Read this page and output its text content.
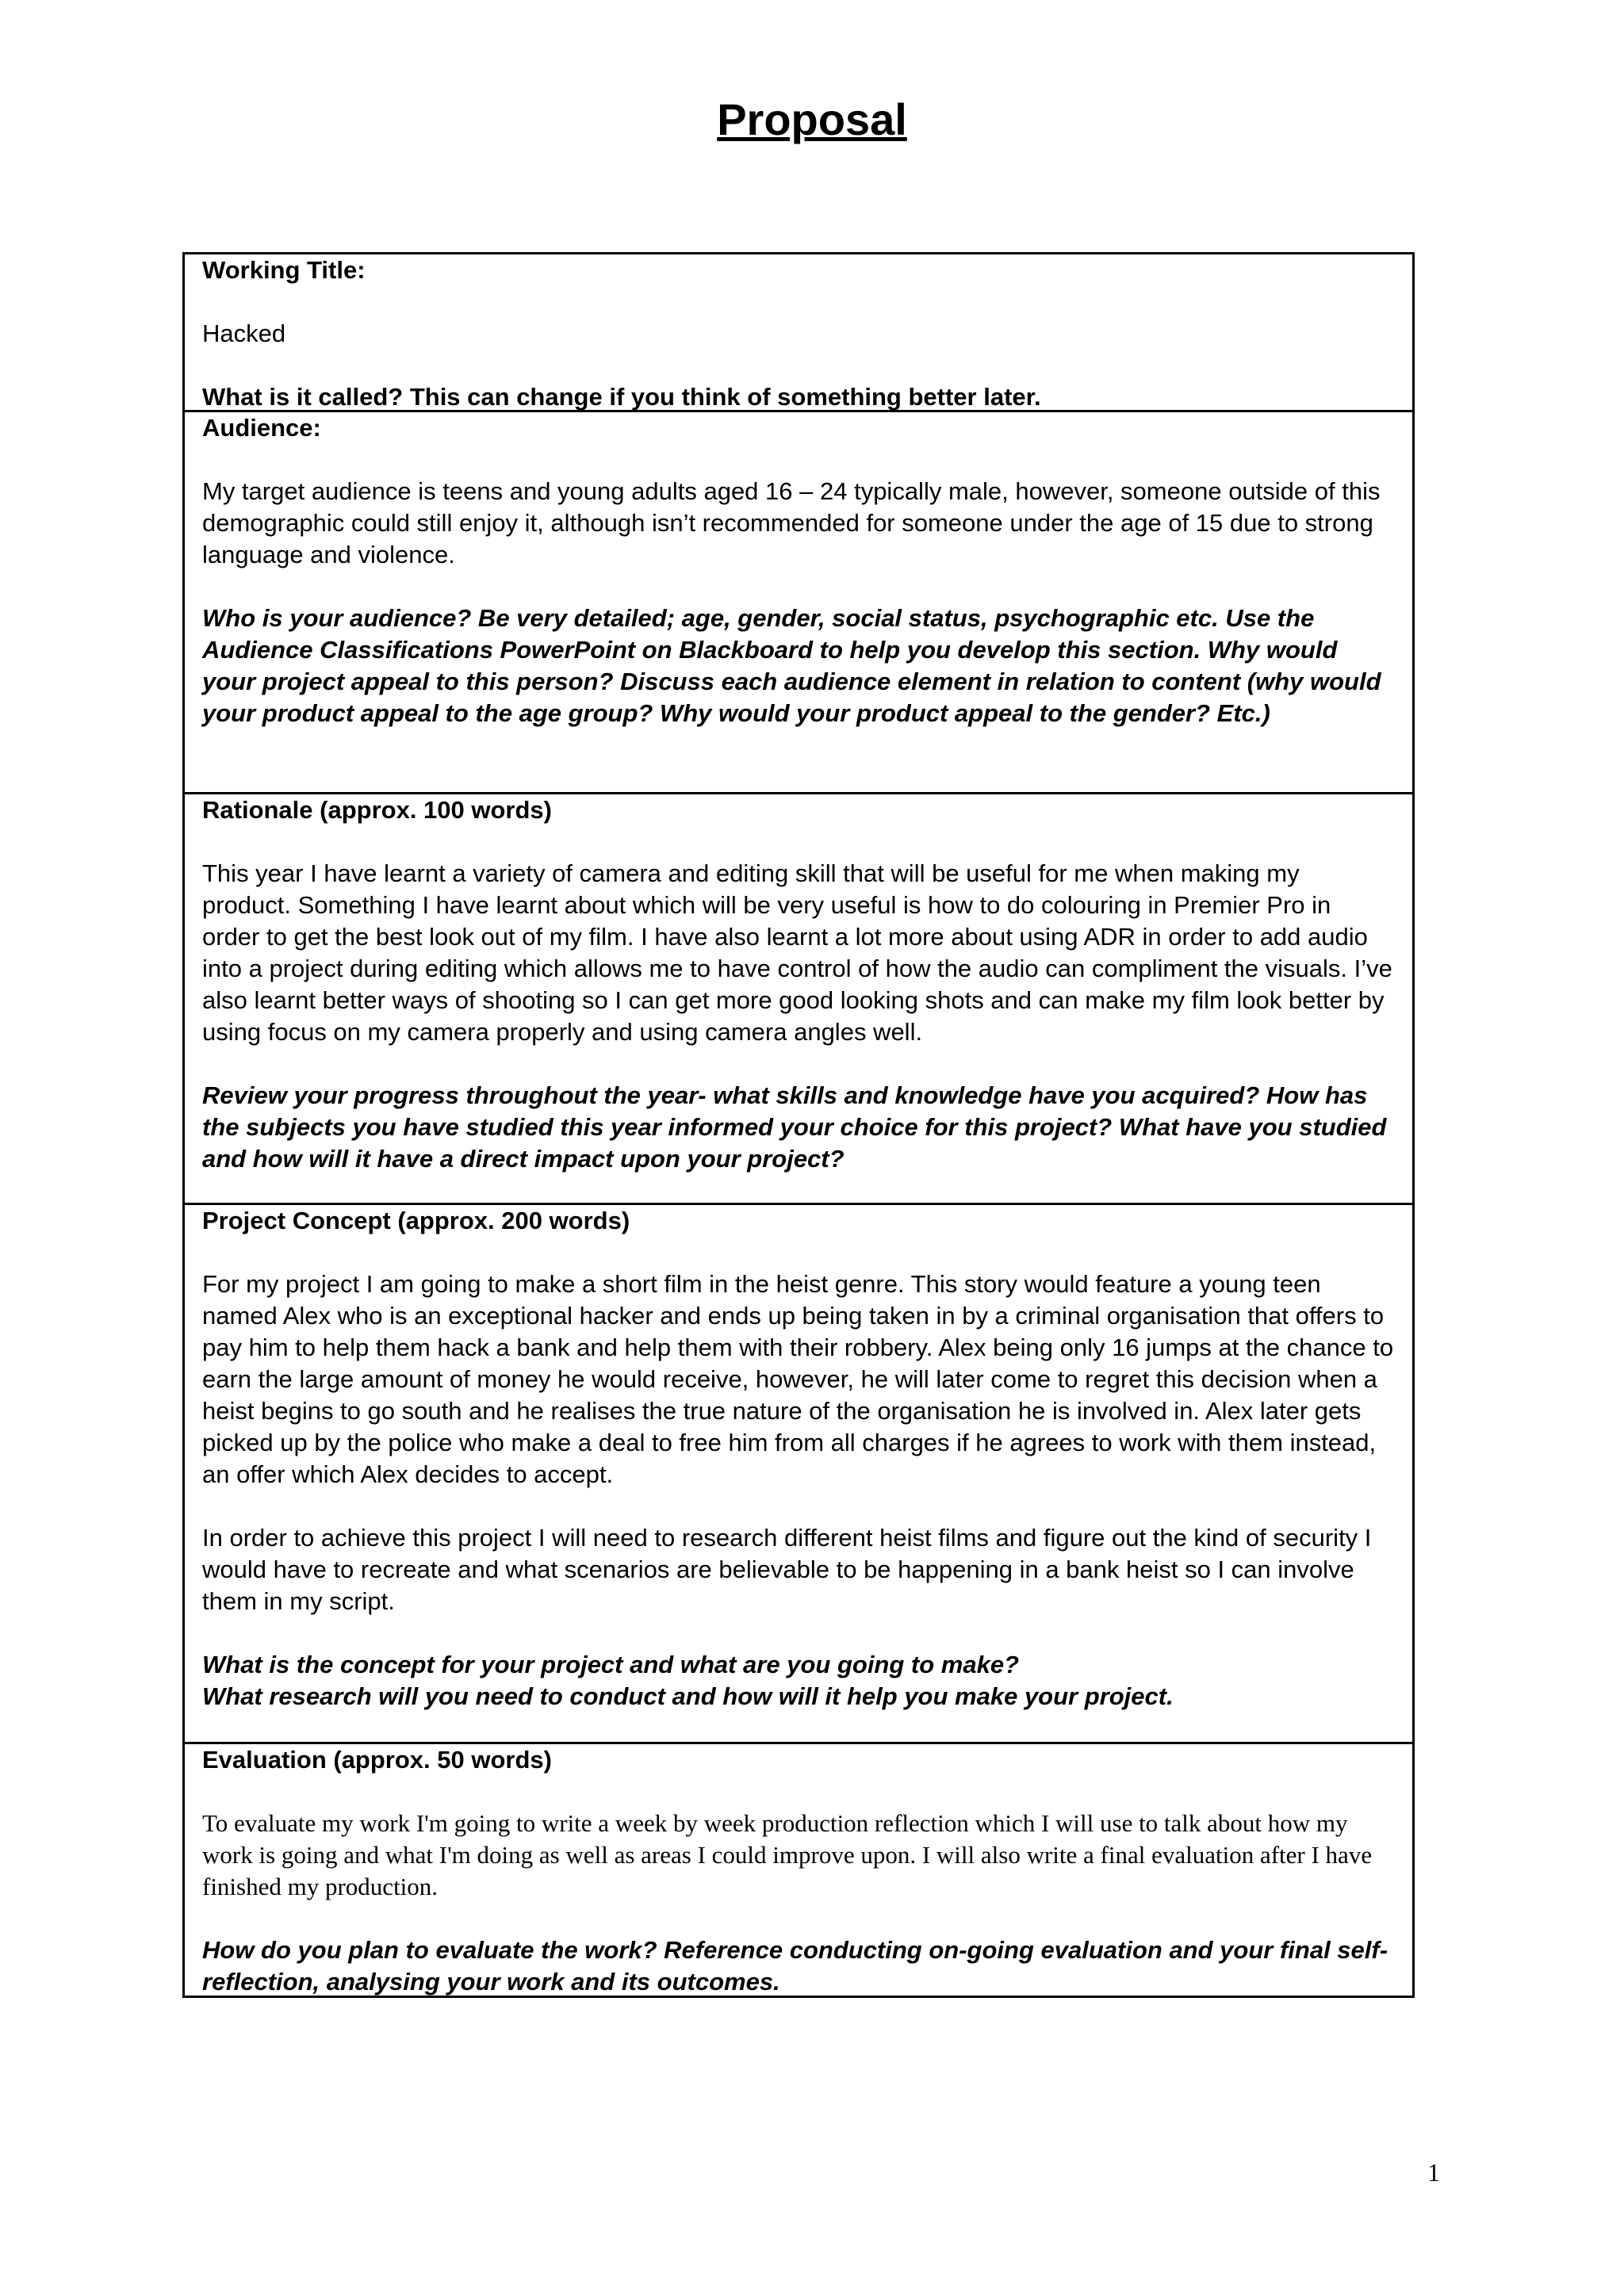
Proposal
Working Title:

Hacked

What is it called? This can change if you think of something better later.

Audience:

My target audience is teens and young adults aged 16 – 24 typically male, however, someone outside of this demographic could still enjoy it, although isn’t recommended for someone under the age of 15 due to strong language and violence.

Who is your audience? Be very detailed; age, gender, social status, psychographic etc. Use the Audience Classifications PowerPoint on Blackboard to help you develop this section. Why would your project appeal to this person? Discuss each audience element in relation to content (why would your product appeal to the age group? Why would your product appeal to the gender? Etc.)

Rationale (approx. 100 words)

This year I have learnt a variety of camera and editing skill that will be useful for me when making my product. Something I have learnt about which will be very useful is how to do colouring in Premier Pro in order to get the best look out of my film. I have also learnt a lot more about using ADR in order to add audio into a project during editing which allows me to have control of how the audio can compliment the visuals. I’ve also learnt better ways of shooting so I can get more good looking shots and can make my film look better by using focus on my camera properly and using camera angles well.

Review your progress throughout the year- what skills and knowledge have you acquired? How has the subjects you have studied this year informed your choice for this project? What have you studied and how will it have a direct impact upon your project?

Project Concept (approx. 200 words)

For my project I am going to make a short film in the heist genre. This story would feature a young teen named Alex who is an exceptional hacker and ends up being taken in by a criminal organisation that offers to pay him to help them hack a bank and help them with their robbery. Alex being only 16 jumps at the chance to earn the large amount of money he would receive, however, he will later come to regret this decision when a heist begins to go south and he realises the true nature of the organisation he is involved in. Alex later gets picked up by the police who make a deal to free him from all charges if he agrees to work with them instead, an offer which Alex decides to accept.

In order to achieve this project I will need to research different heist films and figure out the kind of security I would have to recreate and what scenarios are believable to be happening in a bank heist so I can involve them in my script.

What is the concept for your project and what are you going to make?

What research will you need to conduct and how will it help you make your project.

Evaluation (approx. 50 words)

To evaluate my work I'm going to write a week by week production reflection which I will use to talk about how my work is going and what I'm doing as well as areas I could improve upon. I will also write a final evaluation after I have finished my production.

How do you plan to evaluate the work? Reference conducting on-going evaluation and your final self-reflection, analysing your work and its outcomes.

1
